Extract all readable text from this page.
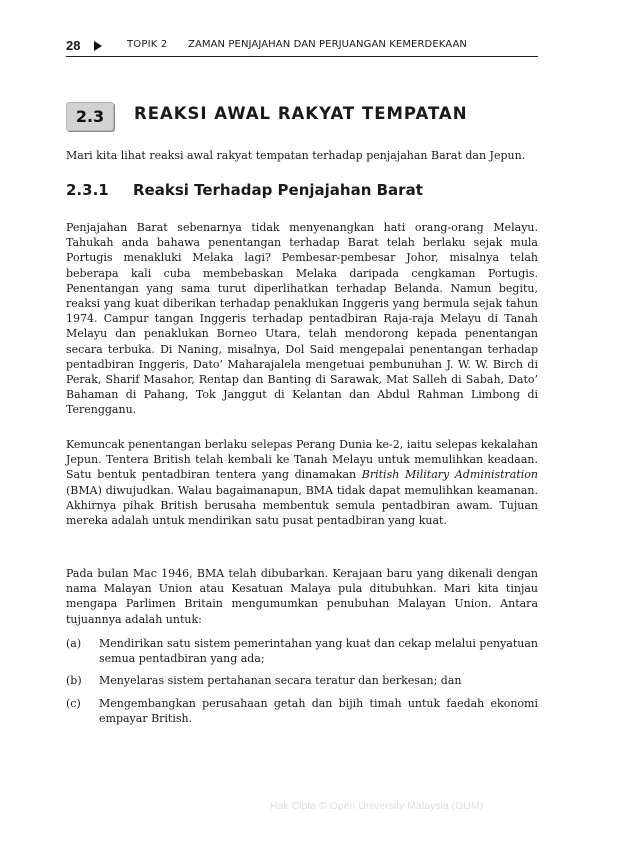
28	TOPIK 2 ZAMAN PENJAJAHAN DAN PERJUANGAN KEMERDEKAAN
2.3	REAKSI AWAL RAKYAT TEMPATAN
Mari kita lihat reaksi awal rakyat tempatan terhadap penjajahan Barat dan Jepun.
2.3.1 Reaksi Terhadap Penjajahan Barat

Penjajahan Barat sebenarnya tidak menyenangkan hati orang-orang Melayu. Tahukah anda bahawa penentangan terhadap Barat telah berlaku sejak mula Portugis menakluki Melaka lagi? Pembesar-pembesar Johor, misalnya telah beberapa kali cuba membebaskan Melaka daripada cengkaman Portugis. Penentangan yang sama turut diperlihatkan terhadap Belanda. Namun begitu, reaksi yang kuat diberikan terhadap penaklukan Inggeris yang bermula sejak tahun 1974. Campur tangan Inggeris terhadap pentadbiran Raja-raja Melayu di Tanah Melayu dan penaklukan Borneo Utara, telah mendorong kepada penentangan secara terbuka. Di Naning, misalnya, Dol Said mengepalai penentangan terhadap pentadbiran Inggeris, Dato’ Maharajalela mengetuai pembunuhan J. W. W. Birch di Perak, Sharif Masahor, Rentap dan Banting di Sarawak, Mat Salleh di Sabah, Dato’ Bahaman di Pahang, Tok Janggut di Kelantan dan Abdul Rahman Limbong di Terengganu.

Kemuncak penentangan berlaku selepas Perang Dunia ke-2, iaitu selepas kekalahan Jepun. Tentera British telah kembali ke Tanah Melayu untuk memulihkan keadaan. Satu bentuk pentadbiran tentera yang dinamakan British Military Administration (BMA) diwujudkan. Walau bagaimanapun, BMA tidak dapat memulihkan keamanan. Akhirnya pihak British berusaha membentuk semula pentadbiran awam. Tujuan mereka adalah untuk mendirikan satu pusat pentadbiran yang kuat.

Pada bulan Mac 1946, BMA telah dibubarkan. Kerajaan baru yang dikenali dengan nama Malayan Union atau Kesatuan Malaya pula ditubuhkan. Mari kita tinjau mengapa Parlimen Britain mengumumkan penubuhan Malayan Union. Antara tujuannya adalah untuk:

(a) Mendirikan satu sistem pemerintahan yang kuat dan cekap melalui penyatuan semua pentadbiran yang ada;
(b) Menyelaras sistem pertahanan secara teratur dan berkesan; dan
(c) Mengembangkan perusahaan getah dan bijih timah untuk faedah ekonomi empayar British.
Hak Cipta © Open University Malaysia (OUM)
